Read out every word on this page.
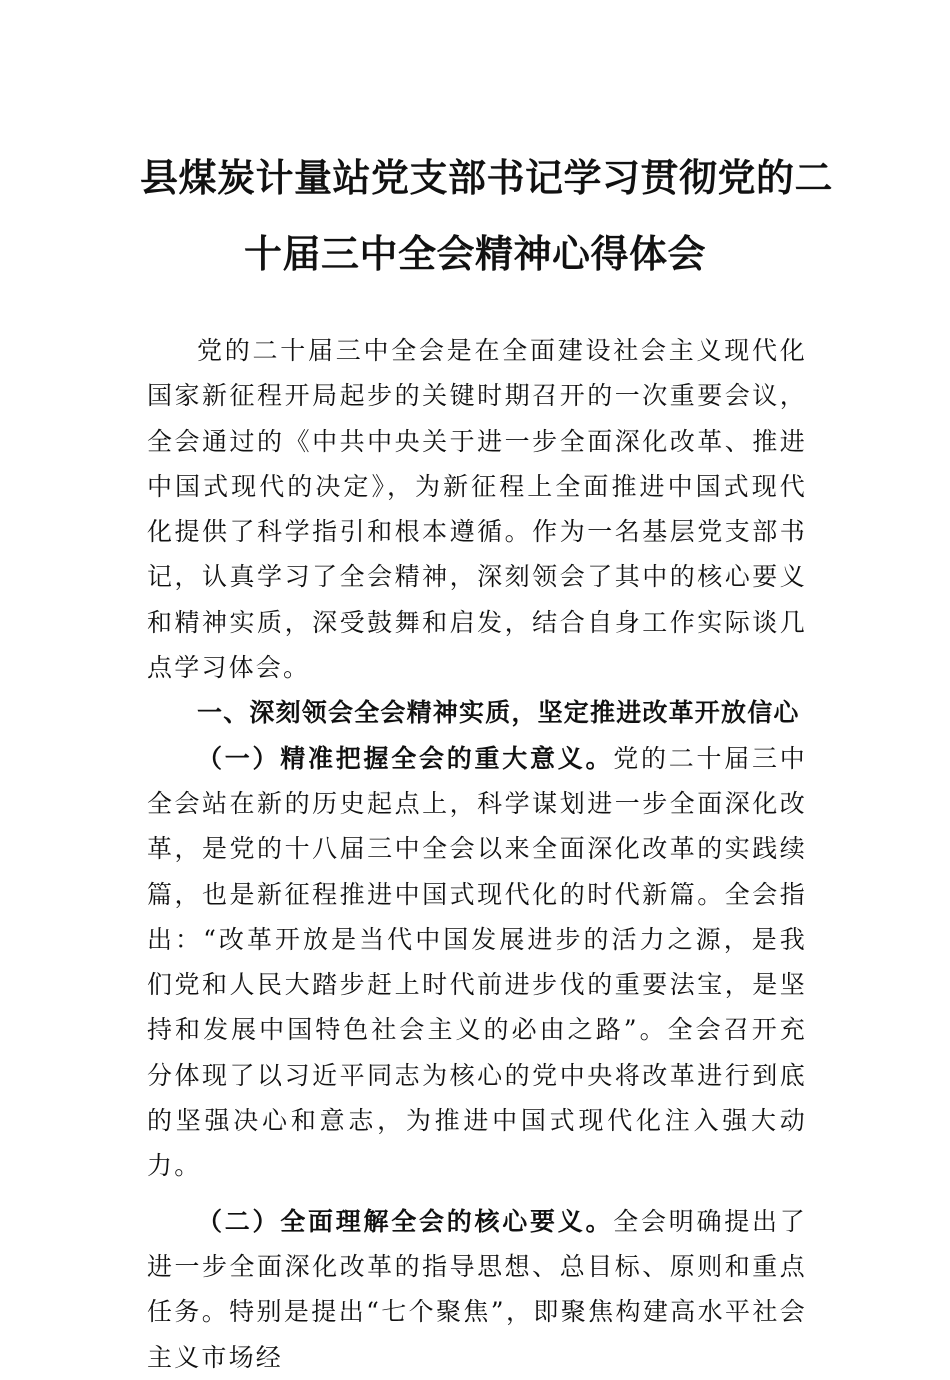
县煤炭计量站党支部书记学习贯彻党的二
十届三中全会精神心得体会

党的二十届三中全会是在全面建设社会主义现代化国家新征程开局起步的关键时期召开的一次重要会议，全会通过的《中共中央关于进一步全面深化改革、推进中国式现代的决定》，为新征程上全面推进中国式现代化提供了科学指引和根本遵循。作为一名基层党支部书记，认真学习了全会精神，深刻领会了其中的核心要义和精神实质，深受鼓舞和启发，结合自身工作实际谈几点学习体会。

一、深刻领会全会精神实质，坚定推进改革开放信心

（一）精准把握全会的重大意义。党的二十届三中全会站在新的历史起点上，科学谋划进一步全面深化改革，是党的十八届三中全会以来全面深化改革的实践续篇，也是新征程推进中国式现代化的时代新篇。全会指出：“改革开放是当代中国发展进步的活力之源，是我们党和人民大踏步赶上时代前进步伐的重要法宝，是坚持和发展中国特色社会主义的必由之路”。全会召开充分体现了以习近平同志为核心的党中央将改革进行到底的坚强决心和意志，为推进中国式现代化注入强大动力。

（二）全面理解全会的核心要义。全会明确提出了进一步全面深化改革的指导思想、总目标、原则和重点任务。特别是提出“七个聚焦”，即聚焦构建高水平社会主义市场经
